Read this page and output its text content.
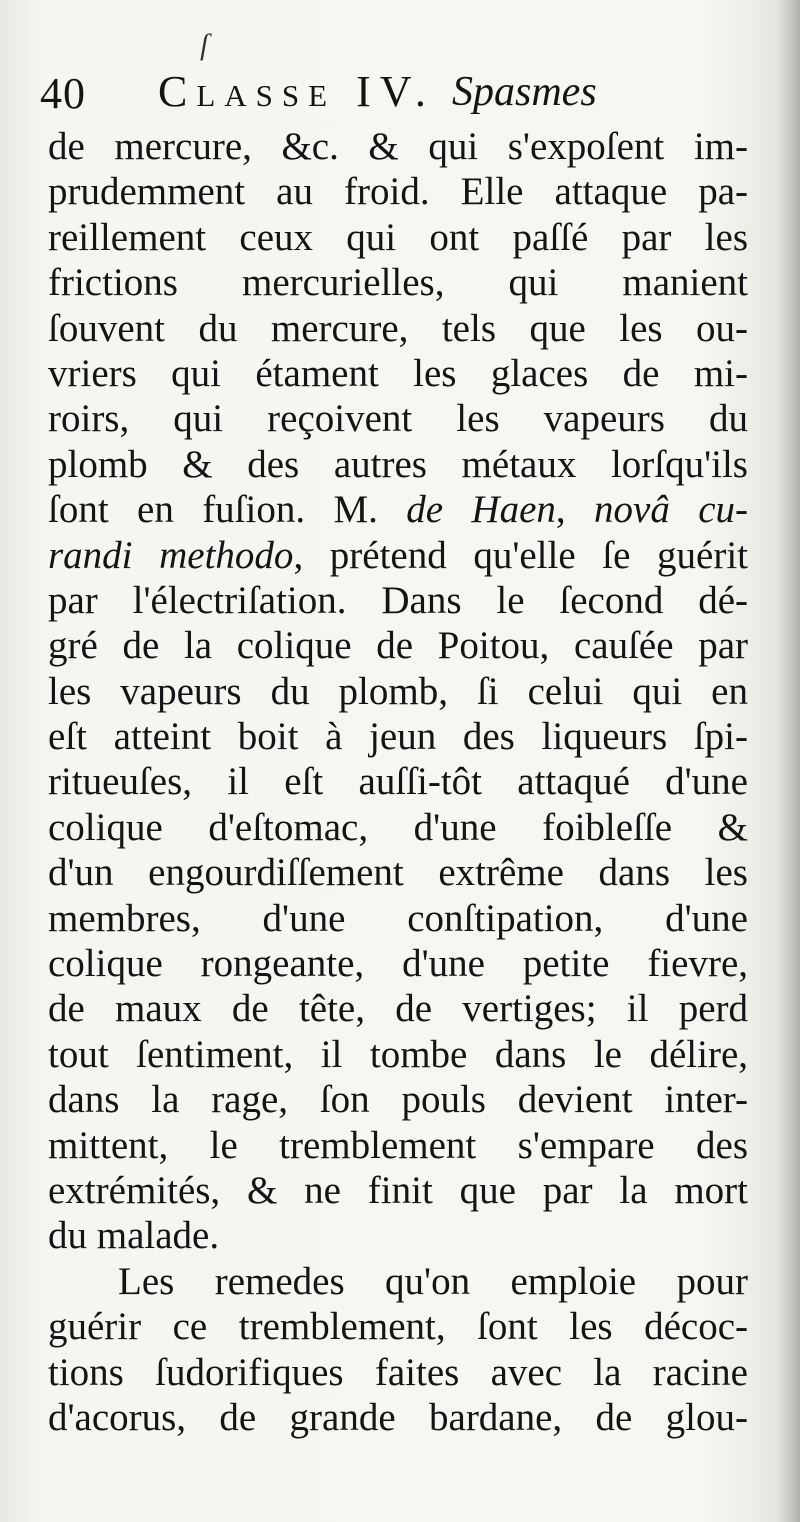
ſ
40 Classe IV. Spasmes
de mercure, &c. & qui s'expoſent im-
prudemment au froid. Elle attaque pa-
reillement ceux qui ont paſſé par les
frictions mercurielles, qui manient
ſouvent du mercure, tels que les ou-
vriers qui étament les glaces de mi-
roirs, qui reçoivent les vapeurs du
plomb & des autres métaux lorſqu'ils
ſont en fuſion. M. de Haen, novâ cu-
randi methodo, prétend qu'elle ſe guérit
par l'électriſation. Dans le ſecond dé-
gré de la colique de Poitou, cauſée par
les vapeurs du plomb, ſi celui qui en
eſt atteint boit à jeun des liqueurs ſpi-
ritueuſes, il eſt auſſi-tôt attaqué d'une
colique d'eſtomac, d'une foibleſſe &
d'un engourdiſſement extrême dans les
membres, d'une conſtipation, d'une
colique rongeante, d'une petite fievre,
de maux de tête, de vertiges; il perd
tout ſentiment, il tombe dans le délire,
dans la rage, ſon pouls devient inter-
mittent, le tremblement s'empare des
extrémités, & ne finit que par la mort
du malade.
Les remedes qu'on emploie pour
guérir ce tremblement, ſont les décoc-
tions ſudorifiques faites avec la racine
d'acorus, de grande bardane, de glou-
